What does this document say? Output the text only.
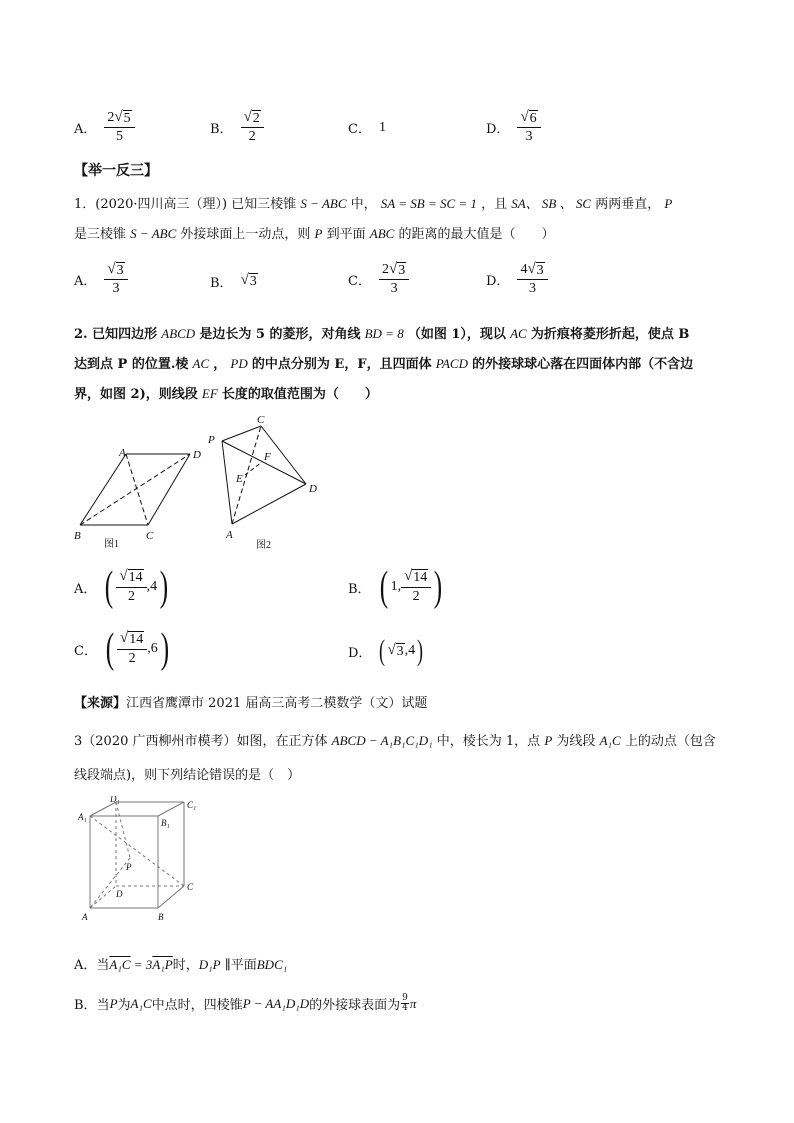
A． $\frac{2 √ 5}{5}$	B． $\frac{√ 2}{2}$	C． 1	D． $\frac{√ 6}{3}$
【举一反三】
1．(2020·四川高三（理）) 已知三棱锥 S − ABC 中， SA = SB = SC = 1 ，且 SA、 SB 、 SC 两两垂直， P
是三棱锥 S − ABC 外接球面上一动点，则 P 到平面 ABC 的距离的最大值是（　　）
A． $\frac{√ 3}{3}$	B． √ 3	C． $\frac{2 √ 3}{3}$	D． $\frac{4 √ 3}{3}$
2. 已知四边形 ABCD 是边长为 5 的菱形，对角线 BD = 8 （如图 1），现以 AC 为折痕将菱形折起，使点 B
达到点 P 的位置.棱 AC ， PD 的中点分别为 E，F，且四面体 PACD 的外接球球心落在四面体内部（不含边
界，如图 2)，则线段 EF 长度的取值范围为（　　）
A	D
B	C
图1
P
C
F
E
D
A
图2
A． ( $\frac{√ 14}{2}$ , 4 )	B． ( 1 , $\frac{√ 14}{2}$ )
C． ( $\frac{√ 14}{2}$ , 6 )	D． ( √ 3 , 4 )
【来源】江西省鹰潭市 2021 届高三高考二模数学（文）试题
3（2020 广西柳州市模考）如图，在正方体 ABCD − A₁B₁C₁D₁ 中，棱长为 1，点 P 为线段 A₁C 上的动点（包含
线段端点)，则下列结论错误的是（　）
D₁
C₁
A₁
B₁
P
D
C
A	B
A．当A₁C = 3A₁P时，D₁P ∥平面BDC₁
B．当 P 为 A₁C 中点时，四棱锥 P − AA₁D₁D 的外接球表面为 9
4 π
